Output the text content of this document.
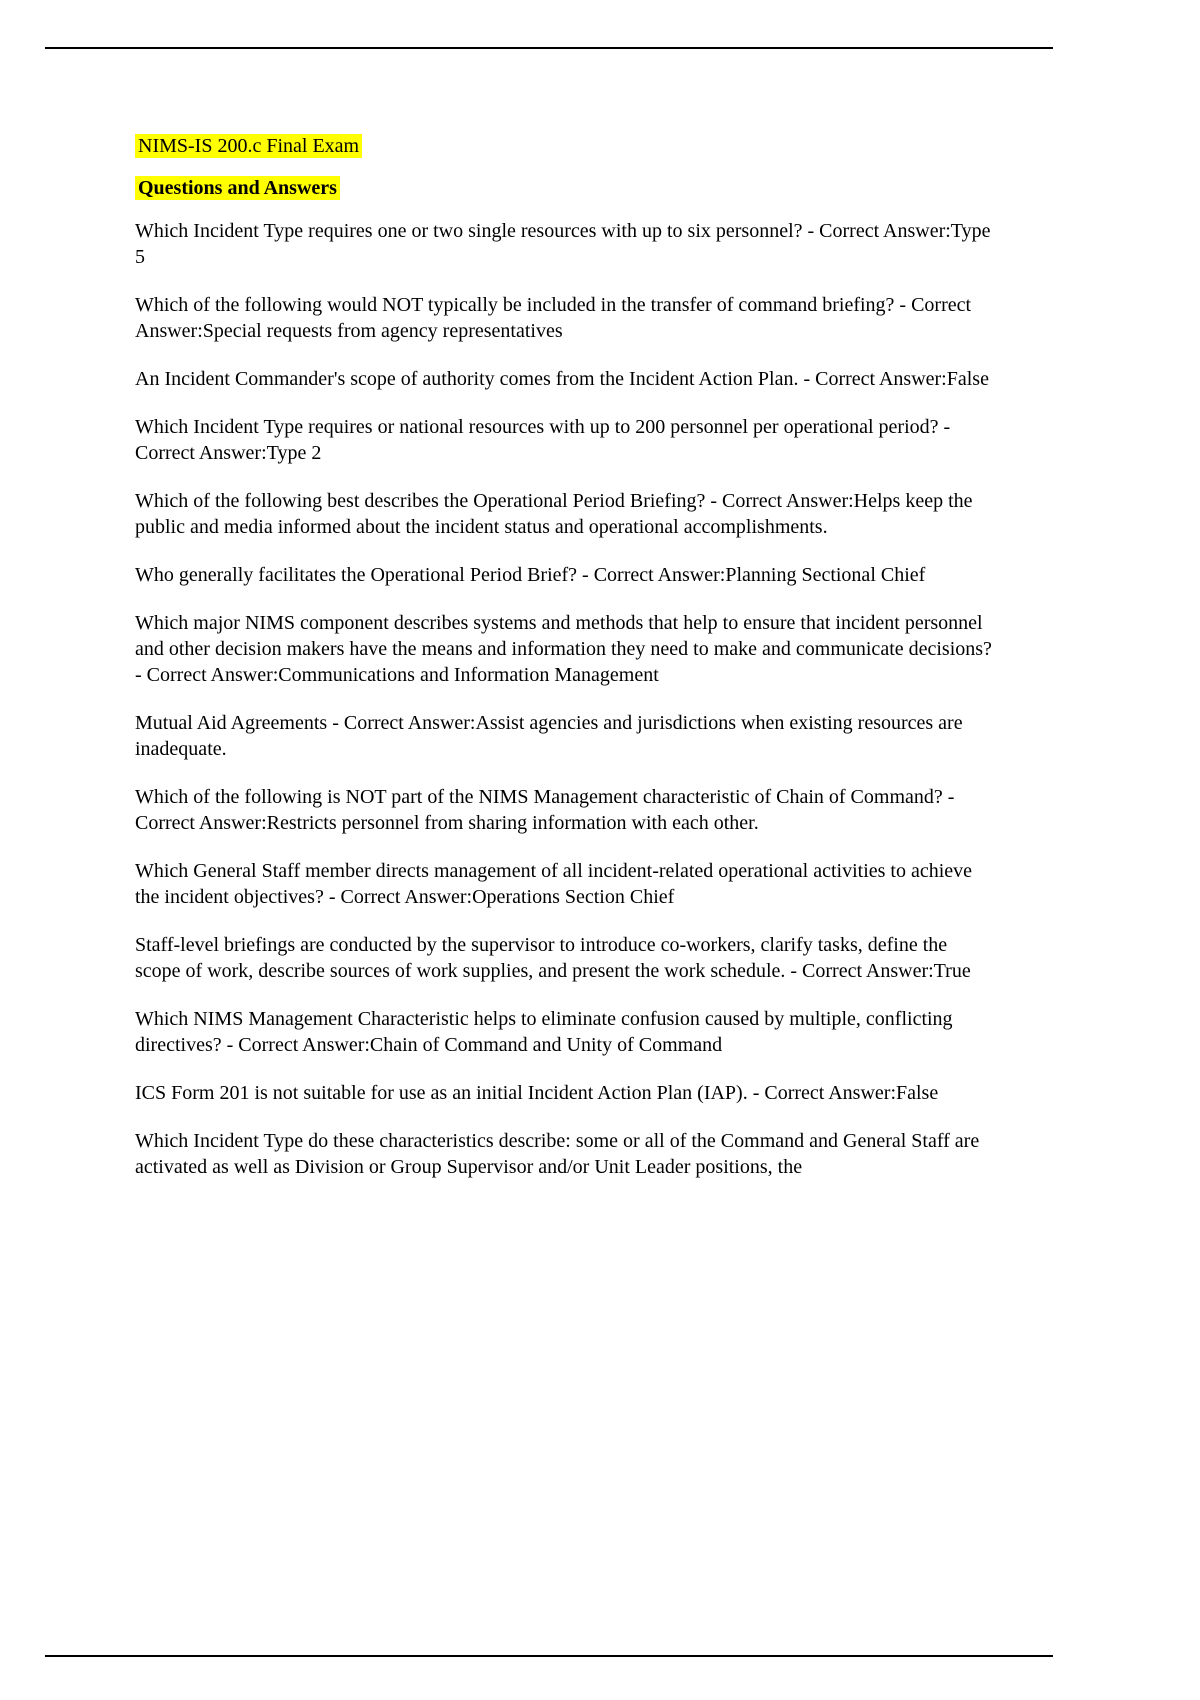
NIMS-IS 200.c Final Exam

Questions and Answers

Which Incident Type requires one or two single resources with up to six personnel? - Correct Answer:Type 5

Which of the following would NOT typically be included in the transfer of command briefing? - Correct Answer:Special requests from agency representatives

An Incident Commander's scope of authority comes from the Incident Action Plan. - Correct Answer:False

Which Incident Type requires or national resources with up to 200 personnel per operational period? - Correct Answer:Type 2

Which of the following best describes the Operational Period Briefing? - Correct Answer:Helps keep the public and media informed about the incident status and operational accomplishments.

Who generally facilitates the Operational Period Brief? - Correct Answer:Planning Sectional Chief

Which major NIMS component describes systems and methods that help to ensure that incident personnel and other decision makers have the means and information they need to make and communicate decisions? - Correct Answer:Communications and Information Management

Mutual Aid Agreements - Correct Answer:Assist agencies and jurisdictions when existing resources are inadequate.

Which of the following is NOT part of the NIMS Management characteristic of Chain of Command? - Correct Answer:Restricts personnel from sharing information with each other.

Which General Staff member directs management of all incident-related operational activities to achieve the incident objectives? - Correct Answer:Operations Section Chief

Staff-level briefings are conducted by the supervisor to introduce co-workers, clarify tasks, define the scope of work, describe sources of work supplies, and present the work schedule. - Correct Answer:True

Which NIMS Management Characteristic helps to eliminate confusion caused by multiple, conflicting directives? - Correct Answer:Chain of Command and Unity of Command

ICS Form 201 is not suitable for use as an initial Incident Action Plan (IAP). - Correct Answer:False

Which Incident Type do these characteristics describe: some or all of the Command and General Staff are activated as well as Division or Group Supervisor and/or Unit Leader positions, the
